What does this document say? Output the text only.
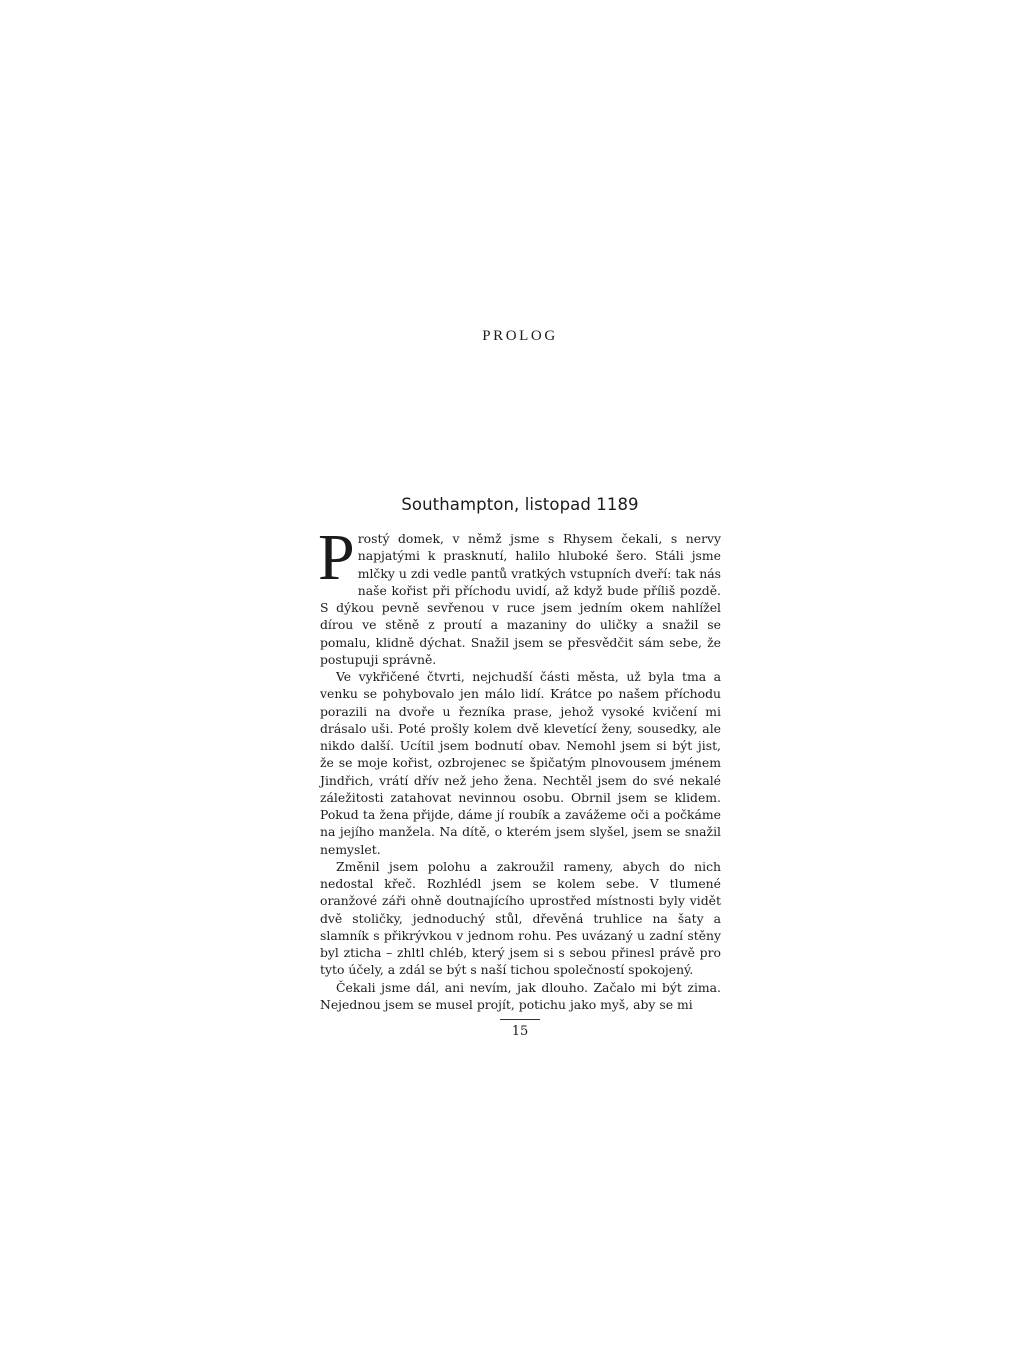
PROLOG
Southampton, listopad 1189

Prostý domek, v němž jsme s Rhysem čekali, s nervy napjatými k prasknutí, halilo hluboké šero. Stáli jsme mlčky u zdi vedle pantů vratkých vstupních dveří: tak nás naše kořist při příchodu uvidí, až když bude příliš pozdě. S dýkou pevně sevřenou v ruce jsem jedním okem nahlížel dírou ve stěně z proutí a mazaniny do uličky a snažil se pomalu, klidně dýchat. Snažil jsem se přesvědčit sám sebe, že postupuji správně.

Ve vykřičené čtvrti, nejchudší části města, už byla tma a venku se pohybovalo jen málo lidí. Krátce po našem příchodu porazili na dvoře u řezníka prase, jehož vysoké kvičení mi drásalo uši. Poté prošly kolem dvě klevetící ženy, sousedky, ale nikdo další. Ucítil jsem bodnutí obav. Nemohl jsem si být jist, že se moje kořist, ozbrojenec se špičatým plnovousem jménem Jindřich, vrátí dřív než jeho žena. Nechtěl jsem do své nekalé záležitosti zatahovat nevinnou osobu. Obrnil jsem se klidem. Pokud ta žena přijde, dáme jí roubík a zavážeme oči a počkáme na jejího manžela. Na dítě, o kterém jsem slyšel, jsem se snažil nemyslet.

Změnil jsem polohu a zakroužil rameny, abych do nich nedostal křeč. Rozhlédl jsem se kolem sebe. V tlumené oranžové záři ohně doutnajícího uprostřed místnosti byly vidět dvě stoličky, jednoduchý stůl, dřevěná truhlice na šaty a slamník s přikrývkou v jednom rohu. Pes uvázaný u zadní stěny byl zticha – zhltl chléb, který jsem si s sebou přinesl právě pro tyto účely, a zdál se být s naší tichou společností spokojený.

Čekali jsme dál, ani nevím, jak dlouho. Začalo mi být zima. Nejednou jsem se musel projít, potichu jako myš, aby se mi

15
